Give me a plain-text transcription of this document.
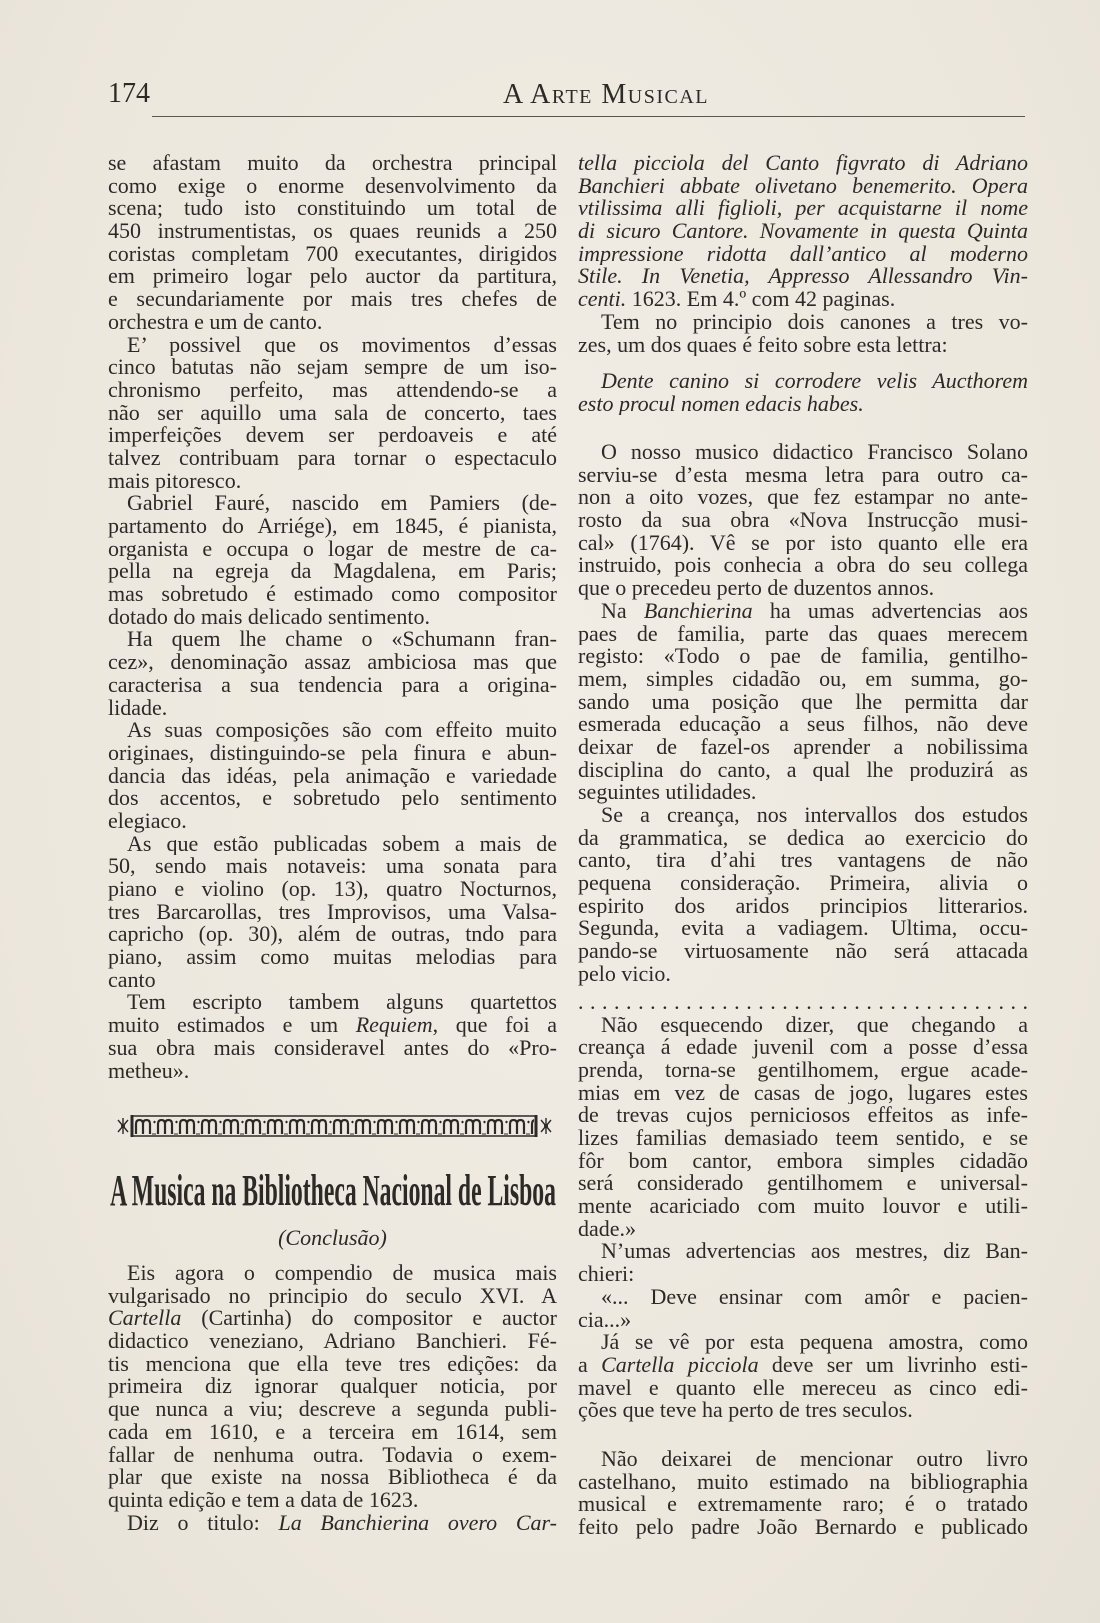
174	A Arte Musical
se afastam muito da orchestra principal
como exige o enorme desenvolvimento da
scena; tudo isto constituindo um total de
450 instrumentistas, os quaes reunids a 250
coristas completam 700 executantes, dirigidos
em primeiro logar pelo auctor da partitura,
e secundariamente por mais tres chefes de
orchestra e um de canto.
E’ possivel que os movimentos d’essas
cinco batutas não sejam sempre de um iso-
chronismo perfeito, mas attendendo-se a
não ser aquillo uma sala de concerto, taes
imperfeições devem ser perdoaveis e até
talvez contribuam para tornar o espectaculo
mais pitoresco.
Gabriel Fauré, nascido em Pamiers (de-
partamento do Arriége), em 1845, é pianista,
organista e occupa o logar de mestre de ca-
pella na egreja da Magdalena, em Paris;
mas sobretudo é estimado como compositor
dotado do mais delicado sentimento.
Ha quem lhe chame o «Schumann fran-
cez», denominação assaz ambiciosa mas que
caracterisa a sua tendencia para a origina-
lidade.
As suas composições são com effeito muito
originaes, distinguindo-se pela finura e abun-
dancia das idéas, pela animação e variedade
dos accentos, e sobretudo pelo sentimento
elegiaco.
As que estão publicadas sobem a mais de
50, sendo mais notaveis: uma sonata para
piano e violino (op. 13), quatro Nocturnos,
tres Barcarollas, tres Improvisos, uma Valsa-
capricho (op. 30), além de outras, tndo para
piano, assim como muitas melodias para
canto
Tem escripto tambem alguns quartettos
muito estimados e um Requiem, que foi a
sua obra mais consideravel antes do «Pro-
metheu».
A Musica na Bibliotheca Nacional de Lisboa
(Conclusão)
Eis agora o compendio de musica mais
vulgarisado no principio do seculo XVI. A
Cartella (Cartinha) do compositor e auctor
didactico veneziano, Adriano Banchieri. Fé-
tis menciona que ella teve tres edições: da
primeira diz ignorar qualquer noticia, por
que nunca a viu; descreve a segunda publi-
cada em 1610, e a terceira em 1614, sem
fallar de nenhuma outra. Todavia o exem-
plar que existe na nossa Bibliotheca é da
quinta edição e tem a data de 1623.
Diz o titulo: La Banchierina overo Car-
tella picciola del Canto figvrato di Adriano
Banchieri abbate olivetano benemerito. Opera
vtilissima alli figlioli, per acquistarne il nome
di sicuro Cantore. Novamente in questa Quinta
impressione ridotta dall’antico al moderno
Stile. In Venetia, Appresso Allessandro Vin-
centi. 1623. Em 4.º com 42 paginas.
Tem no principio dois canones a tres vo-
zes, um dos quaes é feito sobre esta lettra:
Dente canino si corrodere velis Aucthorem
esto procul nomen edacis habes.
O nosso musico didactico Francisco Solano
serviu-se d’esta mesma letra para outro ca-
non a oito vozes, que fez estampar no ante-
rosto da sua obra «Nova Instrucção musi-
cal» (1764). Vê se por isto quanto elle era
instruido, pois conhecia a obra do seu collega
que o precedeu perto de duzentos annos.
Na Banchierina ha umas advertencias aos
paes de familia, parte das quaes merecem
registo: «Todo o pae de familia, gentilho-
mem, simples cidadão ou, em summa, go-
sando uma posição que lhe permitta dar
esmerada educação a seus filhos, não deve
deixar de fazel-os aprender a nobilissima
disciplina do canto, a qual lhe produzirá as
seguintes utilidades.
Se a creança, nos intervallos dos estudos
da grammatica, se dedica ao exercicio do
canto, tira d’ahi tres vantagens de não
pequena consideração. Primeira, alivia o
espirito dos aridos principios litterarios.
Segunda, evita a vadiagem. Ultima, occu-
pando-se virtuosamente não será attacada
pelo vicio.
. . . . . . . . . . . . . . . . . . . . . . . . . . . . . . . . . . . . . .
Não esquecendo dizer, que chegando a
creança á edade juvenil com a posse d’essa
prenda, torna-se gentilhomem, ergue acade-
mias em vez de casas de jogo, lugares estes
de trevas cujos perniciosos effeitos as infe-
lizes familias demasiado teem sentido, e se
fôr bom cantor, embora simples cidadão
será considerado gentilhomem e universal-
mente acariciado com muito louvor e utili-
dade.»
N’umas advertencias aos mestres, diz Ban-
chieri:
«... Deve ensinar com amôr e pacien-
cia...»
Já se vê por esta pequena amostra, como
a Cartella picciola deve ser um livrinho esti-
mavel e quanto elle mereceu as cinco edi-
ções que teve ha perto de tres seculos.
Não deixarei de mencionar outro livro
castelhano, muito estimado na bibliographia
musical e extremamente raro; é o tratado
feito pelo padre João Bernardo e publicado
